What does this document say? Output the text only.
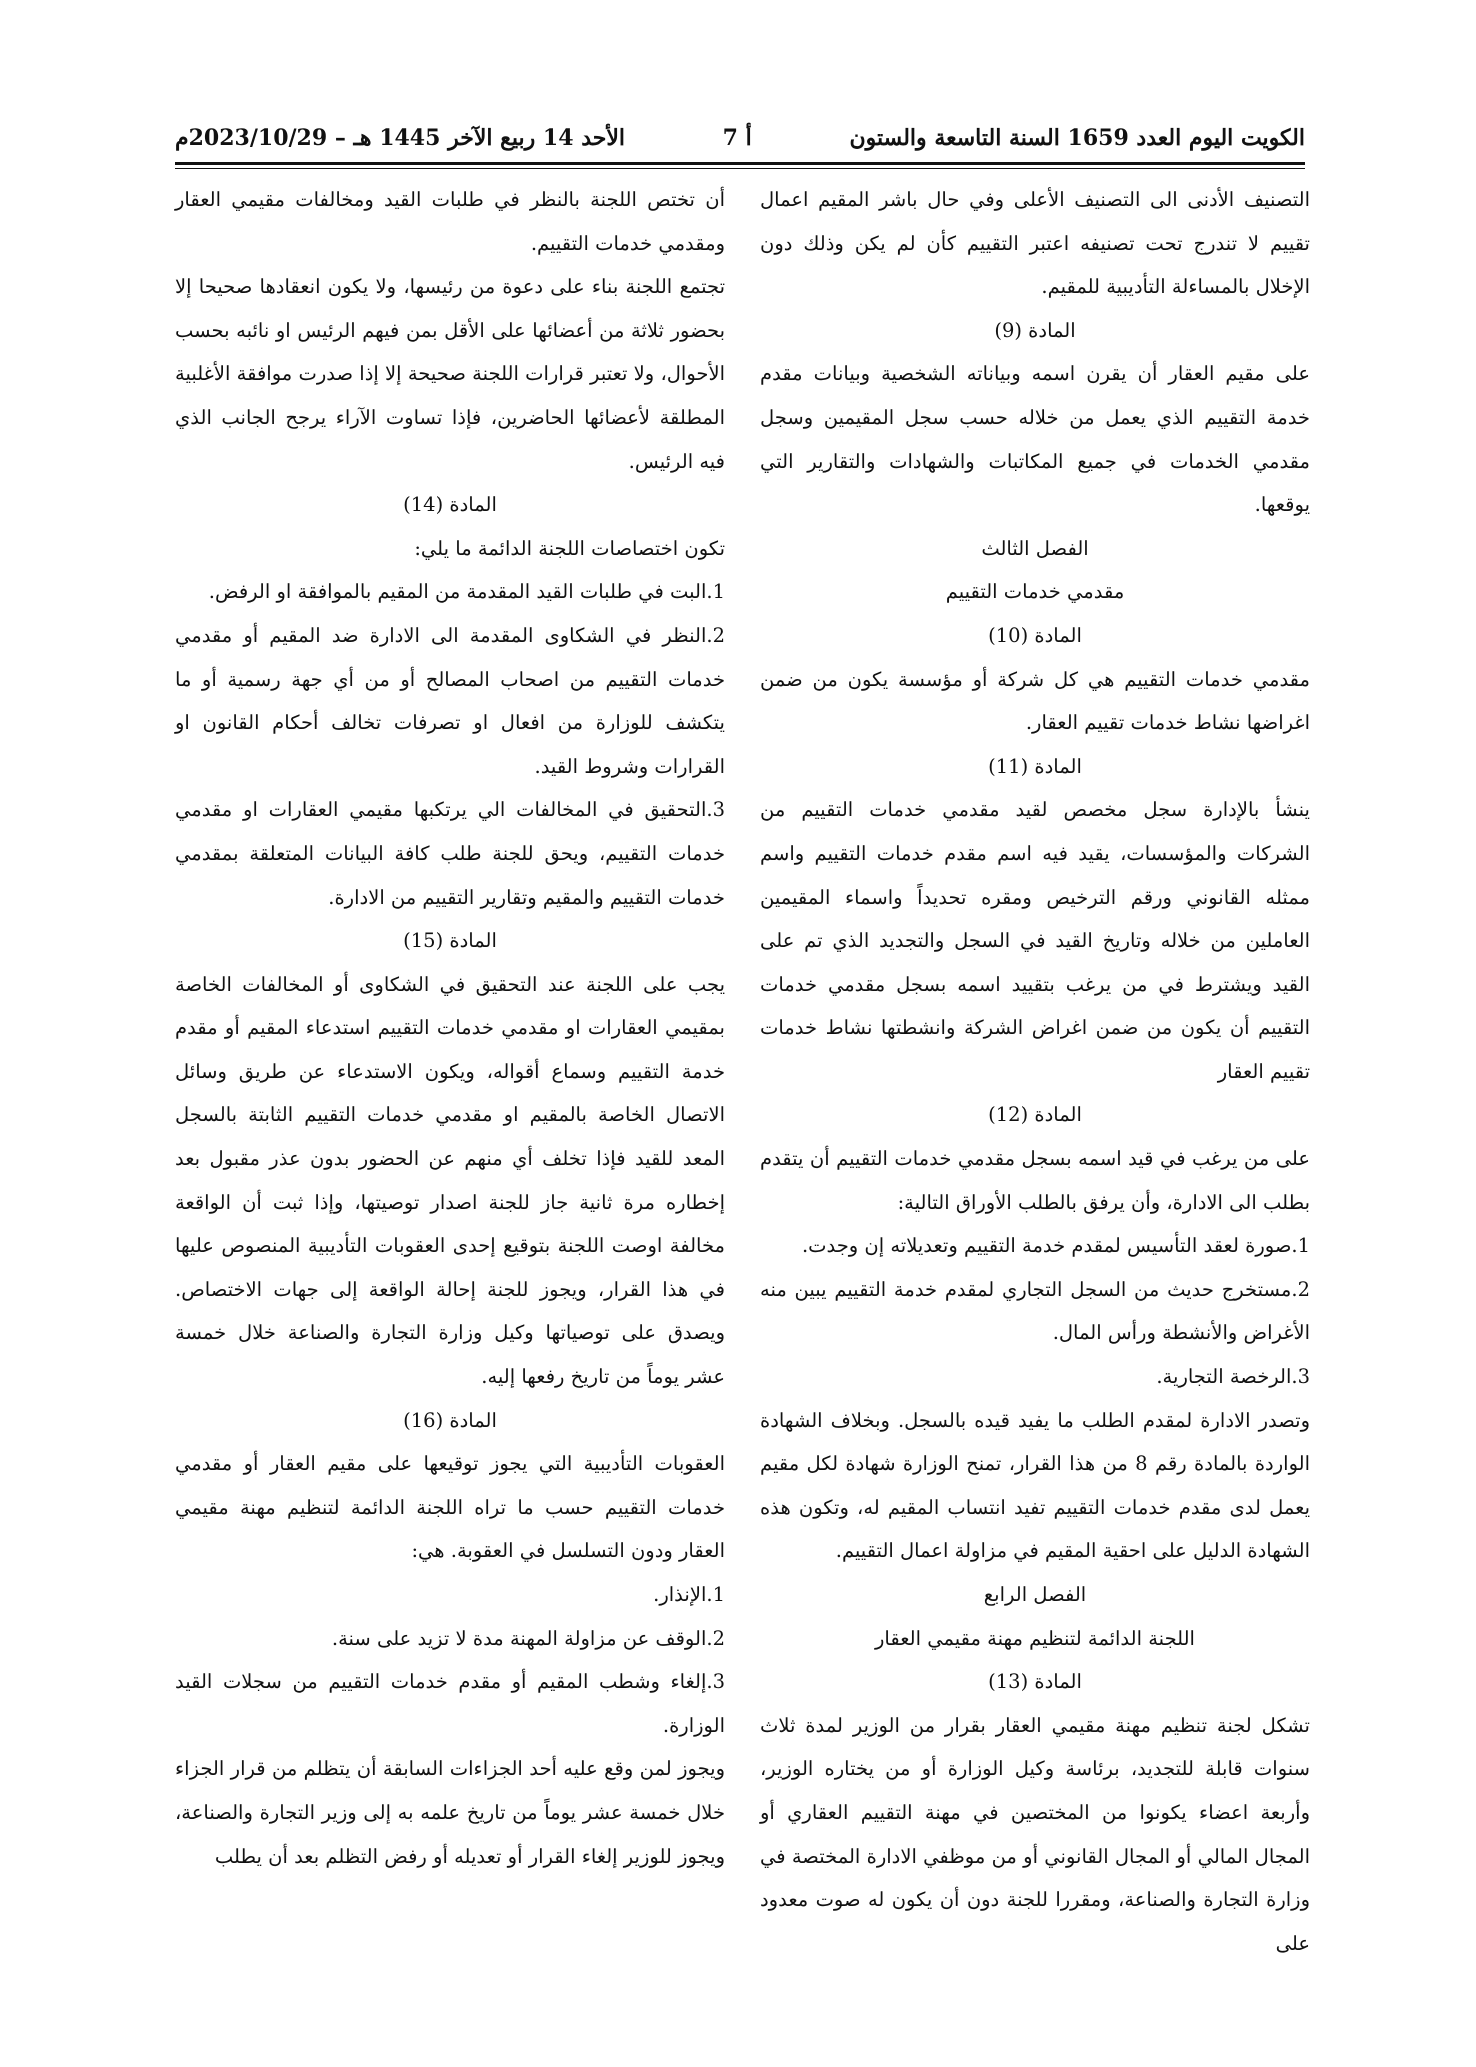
الكويت اليوم العدد 1659 السنة التاسعة والستون
أ 7
الأحد 14 ربيع الآخر 1445 هـ – 2023/10/29م

التصنيف الأدنى الى التصنيف الأعلى وفي حال باشر المقيم اعمال تقييم لا تندرج تحت تصنيفه اعتبر التقييم كأن لم يكن وذلك دون الإخلال بالمساءلة التأديبية للمقيم.

المادة (9)

على مقيم العقار أن يقرن اسمه وبياناته الشخصية وبيانات مقدم خدمة التقييم الذي يعمل من خلاله حسب سجل المقيمين وسجل مقدمي الخدمات في جميع المكاتبات والشهادات والتقارير التي يوقعها.

الفصل الثالث

مقدمي خدمات التقييم

المادة (10)

مقدمي خدمات التقييم هي كل شركة أو مؤسسة يكون من ضمن اغراضها نشاط خدمات تقييم العقار.

المادة (11)

ينشأ بالإدارة سجل مخصص لقيد مقدمي خدمات التقييم من الشركات والمؤسسات، يقيد فيه اسم مقدم خدمات التقييم واسم ممثله القانوني ورقم الترخيص ومقره تحديداً واسماء المقيمين العاملين من خلاله وتاريخ القيد في السجل والتجديد الذي تم على القيد ويشترط في من يرغب بتقييد اسمه بسجل مقدمي خدمات التقييم أن يكون من ضمن اغراض الشركة وانشطتها نشاط خدمات تقييم العقار

المادة (12)

على من يرغب في قيد اسمه بسجل مقدمي خدمات التقييم أن يتقدم بطلب الى الادارة، وأن يرفق بالطلب الأوراق التالية:

1.صورة لعقد التأسيس لمقدم خدمة التقييم وتعديلاته إن وجدت.

2.مستخرج حديث من السجل التجاري لمقدم خدمة التقييم يبين منه الأغراض والأنشطة ورأس المال.

3.الرخصة التجارية.

وتصدر الادارة لمقدم الطلب ما يفيد قيده بالسجل. وبخلاف الشهادة الواردة بالمادة رقم 8 من هذا القرار، تمنح الوزارة شهادة لكل مقيم يعمل لدى مقدم خدمات التقييم تفيد انتساب المقيم له، وتكون هذه الشهادة الدليل على احقية المقيم في مزاولة اعمال التقييم.

الفصل الرابع

اللجنة الدائمة لتنظيم مهنة مقيمي العقار

المادة (13)

تشكل لجنة تنظيم مهنة مقيمي العقار بقرار من الوزير لمدة ثلاث سنوات قابلة للتجديد، برئاسة وكيل الوزارة أو من يختاره الوزير، وأربعة اعضاء يكونوا من المختصين في مهنة التقييم العقاري أو المجال المالي أو المجال القانوني أو من موظفي الادارة المختصة في وزارة التجارة والصناعة، ومقررا للجنة دون أن يكون له صوت معدود على

أن تختص اللجنة بالنظر في طلبات القيد ومخالفات مقيمي العقار ومقدمي خدمات التقييم.

تجتمع اللجنة بناء على دعوة من رئيسها، ولا يكون انعقادها صحيحا إلا بحضور ثلاثة من أعضائها على الأقل بمن فيهم الرئيس او نائبه بحسب الأحوال، ولا تعتبر قرارات اللجنة صحيحة إلا إذا صدرت موافقة الأغلبية المطلقة لأعضائها الحاضرين، فإذا تساوت الآراء يرجح الجانب الذي فيه الرئيس.

المادة (14)

تكون اختصاصات اللجنة الدائمة ما يلي:

1.البت في طلبات القيد المقدمة من المقيم بالموافقة او الرفض.

2.النظر في الشكاوى المقدمة الى الادارة ضد المقيم أو مقدمي خدمات التقييم من اصحاب المصالح أو من أي جهة رسمية أو ما يتكشف للوزارة من افعال او تصرفات تخالف أحكام القانون او القرارات وشروط القيد.

3.التحقيق في المخالفات الي يرتكبها مقيمي العقارات او مقدمي خدمات التقييم، ويحق للجنة طلب كافة البيانات المتعلقة بمقدمي خدمات التقييم والمقيم وتقارير التقييم من الادارة.

المادة (15)

يجب على اللجنة عند التحقيق في الشكاوى أو المخالفات الخاصة بمقيمي العقارات او مقدمي خدمات التقييم استدعاء المقيم أو مقدم خدمة التقييم وسماع أقواله، ويكون الاستدعاء عن طريق وسائل الاتصال الخاصة بالمقيم او مقدمي خدمات التقييم الثابتة بالسجل المعد للقيد فإذا تخلف أي منهم عن الحضور بدون عذر مقبول بعد إخطاره مرة ثانية جاز للجنة اصدار توصيتها، وإذا ثبت أن الواقعة مخالفة اوصت اللجنة بتوقيع إحدى العقوبات التأديبية المنصوص عليها في هذا القرار، ويجوز للجنة إحالة الواقعة إلى جهات الاختصاص. ويصدق على توصياتها وكيل وزارة التجارة والصناعة خلال خمسة عشر يوماً من تاريخ رفعها إليه.

المادة (16)

العقوبات التأديبية التي يجوز توقيعها على مقيم العقار أو مقدمي خدمات التقييم حسب ما تراه اللجنة الدائمة لتنظيم مهنة مقيمي العقار ودون التسلسل في العقوبة. هي:

1.الإنذار.

2.الوقف عن مزاولة المهنة مدة لا تزيد على سنة.

3.إلغاء وشطب المقيم أو مقدم خدمات التقييم من سجلات القيد الوزارة.

ويجوز لمن وقع عليه أحد الجزاءات السابقة أن يتظلم من قرار الجزاء خلال خمسة عشر يوماً من تاريخ علمه به إلى وزير التجارة والصناعة، ويجوز للوزير إلغاء القرار أو تعديله أو رفض التظلم بعد أن يطلب
